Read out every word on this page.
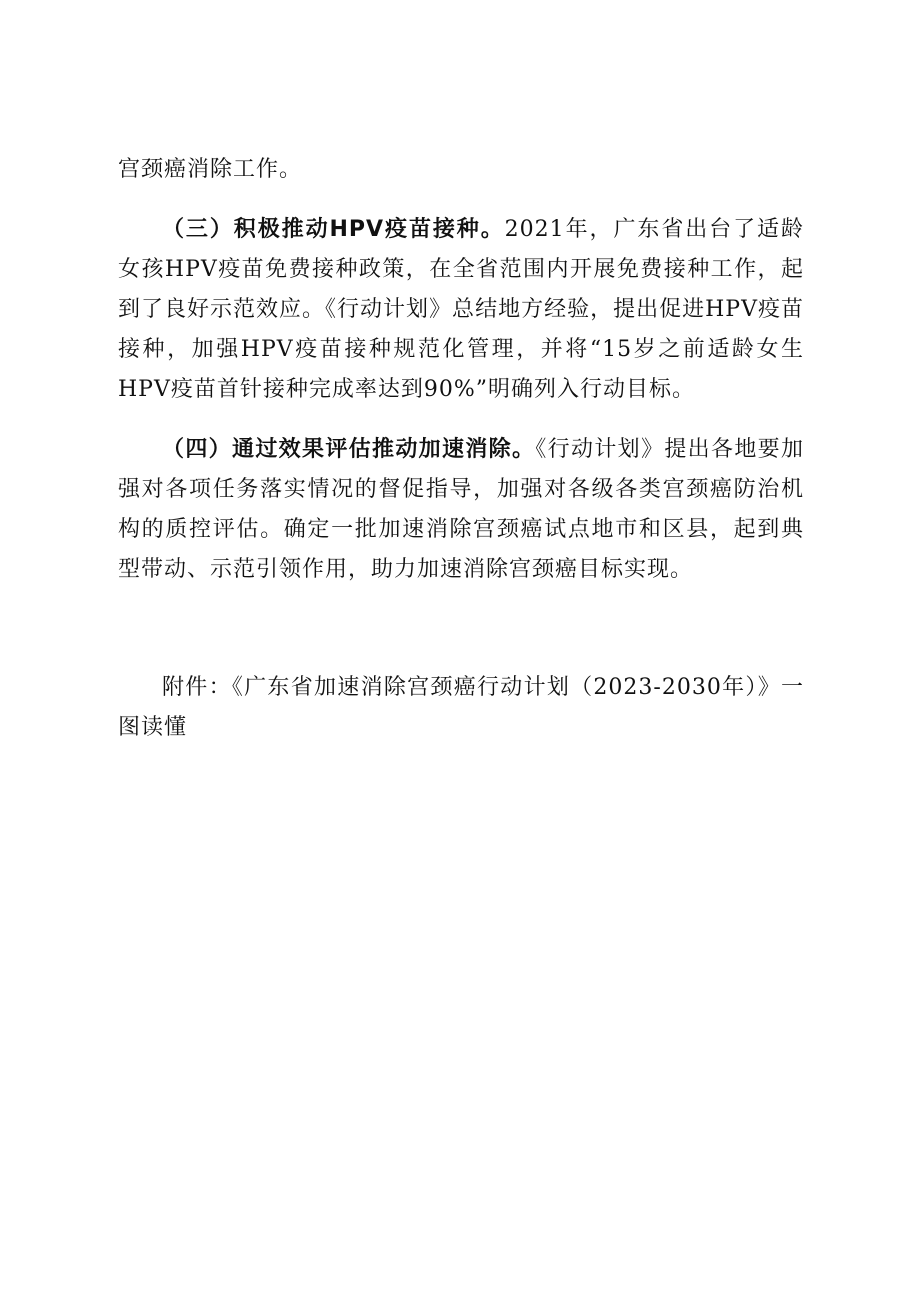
宫颈癌消除工作。

（三）积极推动HPV疫苗接种。2021年，广东省出台了适龄女孩HPV疫苗免费接种政策，在全省范围内开展免费接种工作，起到了良好示范效应。《行动计划》总结地方经验，提出促进HPV疫苗接种，加强HPV疫苗接种规范化管理，并将“15岁之前适龄女生HPV疫苗首针接种完成率达到90%”明确列入行动目标。

（四）通过效果评估推动加速消除。《行动计划》提出各地要加强对各项任务落实情况的督促指导，加强对各级各类宫颈癌防治机构的质控评估。确定一批加速消除宫颈癌试点地市和区县，起到典型带动、示范引领作用，助力加速消除宫颈癌目标实现。

附件：《广东省加速消除宫颈癌行动计划（2023-2030年）》一图读懂
